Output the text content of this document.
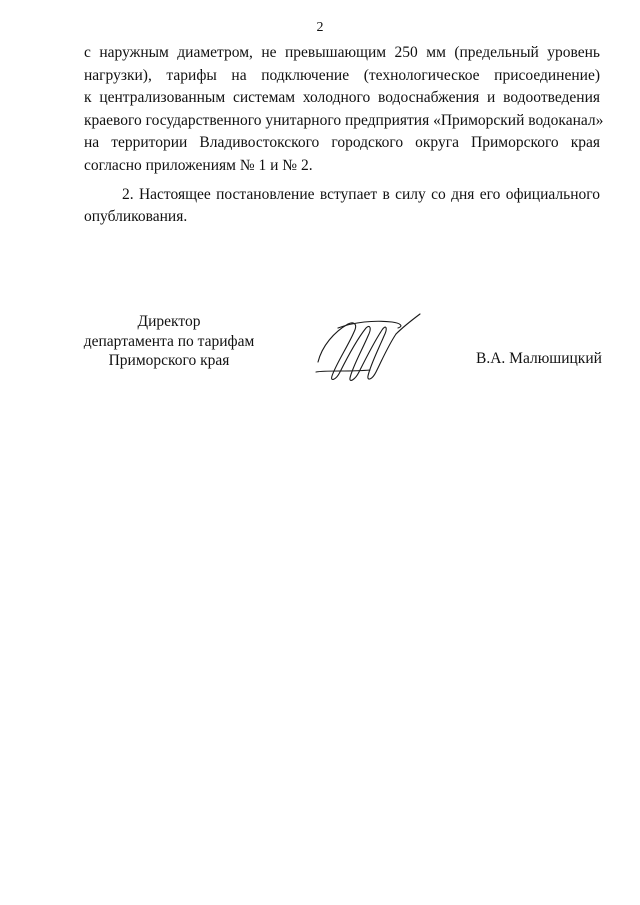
2
с наружным диаметром, не превышающим 250 мм (предельный уровень
нагрузки), тарифы на подключение (технологическое присоединение)
к централизованным системам холодного водоснабжения и водоотведения
краевого государственного унитарного предприятия «Приморский водоканал»
на территории Владивостокского городского округа Приморского края
согласно приложениям № 1 и № 2.
2. Настоящее постановление вступает в силу со дня его официального
опубликования.
Директор
департамента по тарифам
Приморского края	В.А. Малюшицкий
